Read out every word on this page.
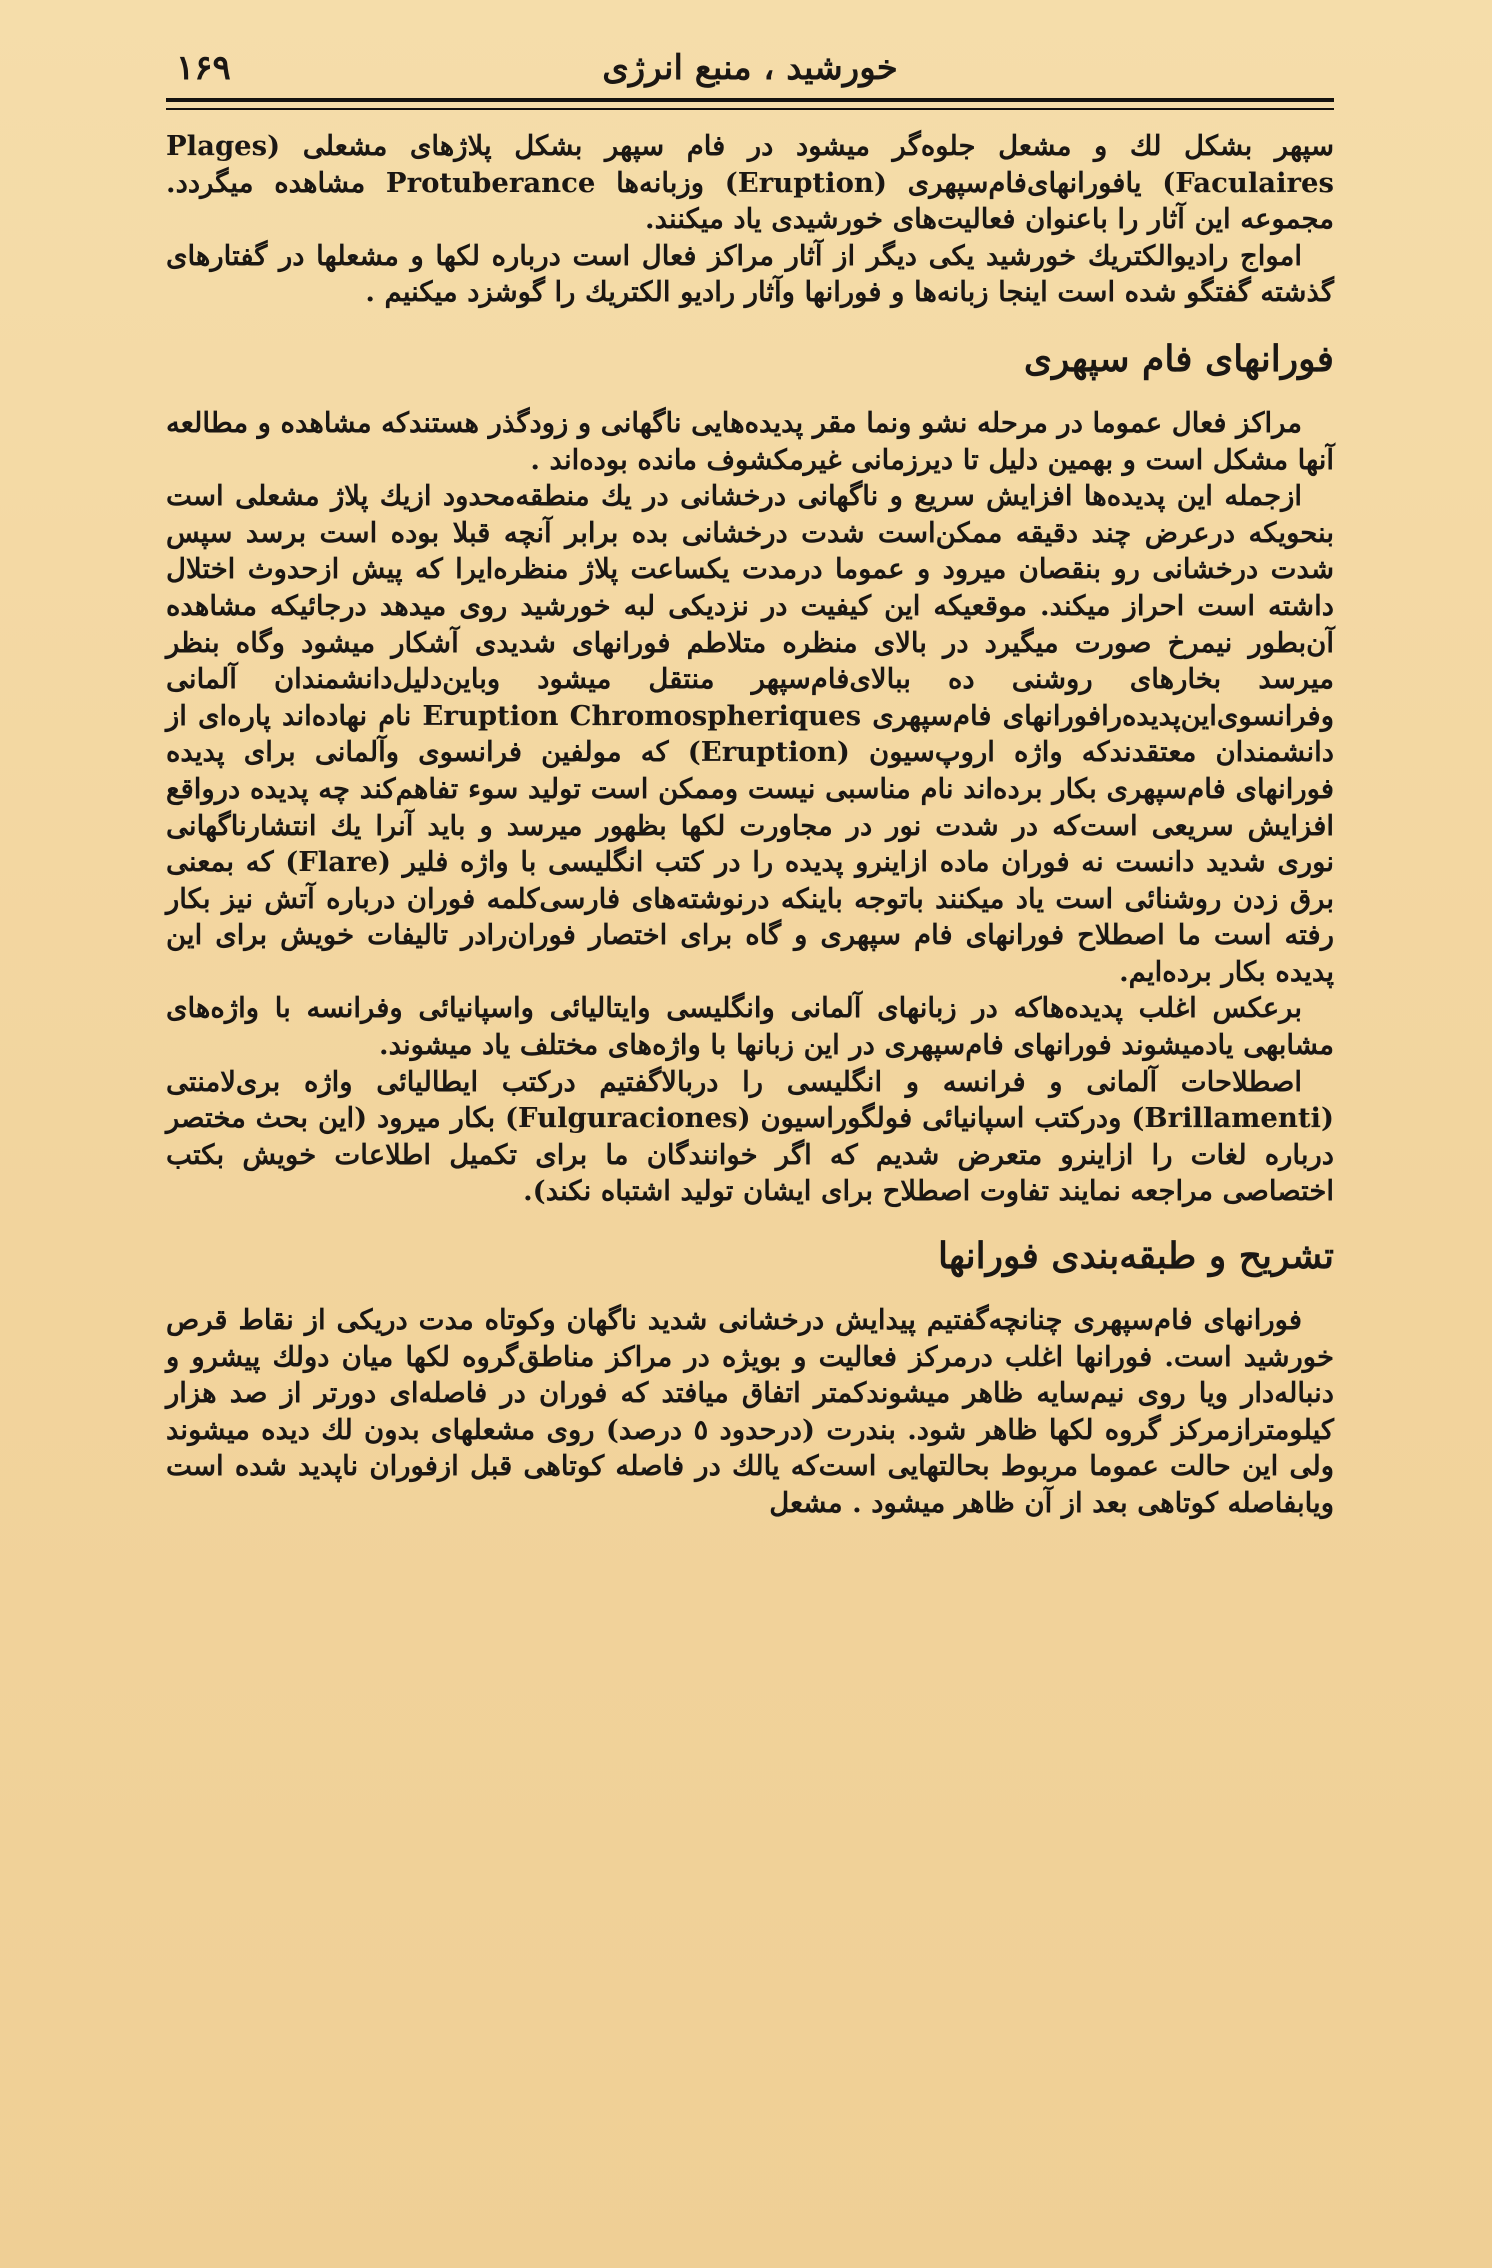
خورشید ، منبع انرژی
۱۶۹

سپهر بشکل لك و مشعل جلوه‌گر میشود در فام سپهر بشکل پلاژهای مشعلی (Plages Faculaires) یافورانهای‌فام‌سپهری (Eruption) وزبانه‌ها Protuberance مشاهده میگردد. مجموعه این آثار را باعنوان فعالیت‌های خورشیدی یاد میکنند.

امواج رادیوالکتریك خورشید یکی دیگر از آثار مراکز فعال است درباره لکها و مشعلها در گفتارهای گذشته گفتگو شده است اینجا زبانه‌ها و فورانها وآثار رادیو الکتریك را گوشزد میکنیم .

فورانهای فام سپهری

مراکز فعال عموما در مرحله نشو ونما مقر پدیده‌هایی ناگهانی و زودگذر هستندکه مشاهده و مطالعه آنها مشکل است و بهمین دلیل تا دیرزمانی غیرمکشوف مانده بوده‌اند .

ازجمله این پدیده‌ها افزایش سریع و ناگهانی درخشانی در یك منطقه‌محدود ازیك پلاژ مشعلی است بنحویکه درعرض چند دقیقه ممکن‌است شدت درخشانی بده برابر آنچه قبلا بوده است برسد سپس شدت درخشانی رو بنقصان میرود و عموما درمدت یکساعت پلاژ منظره‌ایرا که پیش ازحدوث اختلال داشته است احراز میکند. موقعیکه این کیفیت در نزدیکی لبه خورشید روی میدهد درجائیکه مشاهده آن‌بطور نیمرخ صورت میگیرد در بالای منظره متلاطم فورانهای شدیدی آشکار میشود وگاه بنظر میرسد بخارهای روشنی ده ببالای‌فام‌سپهر منتقل میشود وباین‌دلیل‌دانشمندان آلمانی وفرانسوی‌این‌پدیده‌رافورانهای فام‌سپهری Eruption Chromospheriques نام نهاده‌اند پاره‌ای از دانشمندان معتقدندکه واژه اروپ‌سیون (Eruption) که مولفین فرانسوی وآلمانی برای پدیده فورانهای فام‌سپهری بکار برده‌اند نام مناسبی نیست وممکن است تولید سوء تفاهم‌کند چه پدیده درواقع افزایش سریعی است‌که در شدت نور در مجاورت لکها بظهور میرسد و باید آنرا یك انتشارناگهانی نوری شدید دانست نه فوران ماده ازاینرو پدیده را در کتب انگلیسی با واژه فلیر (Flare) که بمعنی برق زدن روشنائی است یاد میکنند باتوجه باینکه درنوشته‌های فارسی‌کلمه فوران درباره آتش نیز بکار رفته است ما اصطلاح فورانهای فام سپهری و گاه برای اختصار فوران‌رادر تالیفات خویش برای این پدیده بکار برده‌ایم.

برعکس اغلب پدیده‌هاکه در زبانهای آلمانی وانگلیسی وایتالیائی واسپانیائی وفرانسه با واژه‌های مشابهی یادمیشوند فورانهای فام‌سپهری در این زبانها با واژه‌های مختلف یاد میشوند.

اصطلاحات آلمانی و فرانسه و انگلیسی را دربالاگفتیم درکتب ایطالیائی واژه بری‌لامنتی (Brillamenti) ودرکتب اسپانیائی فولگوراسیون (Fulguraciones) بکار میرود (این بحث مختصر درباره لغات را ازاینرو متعرض شدیم که اگر خوانندگان ما برای تکمیل اطلاعات خویش بکتب اختصاصی مراجعه نمایند تفاوت اصطلاح برای ایشان تولید اشتباه نکند).

تشریح و طبقه‌بندی فورانها

فورانهای فام‌سپهری چنانچه‌گفتیم پیدایش درخشانی شدید ناگهان وکوتاه مدت دریکی از نقاط قرص خورشید است. فورانها اغلب درمرکز فعالیت و بویژه در مراکز مناطق‌گروه لکها میان دولك پیشرو و دنباله‌دار ویا روی نیم‌سایه ظاهر میشوندکمتر اتفاق میافتد که فوران در فاصله‌ای دورتر از صد هزار کیلومترازمرکز گروه لکها ظاهر شود. بندرت (درحدود ٥ درصد) روی مشعلهای بدون لك دیده میشوند ولی این حالت عموما مربوط بحالتهایی است‌که یالك در فاصله کوتاهی قبل ازفوران ناپدید شده است ویابفاصله کوتاهی بعد از آن ظاهر میشود . مشعل
